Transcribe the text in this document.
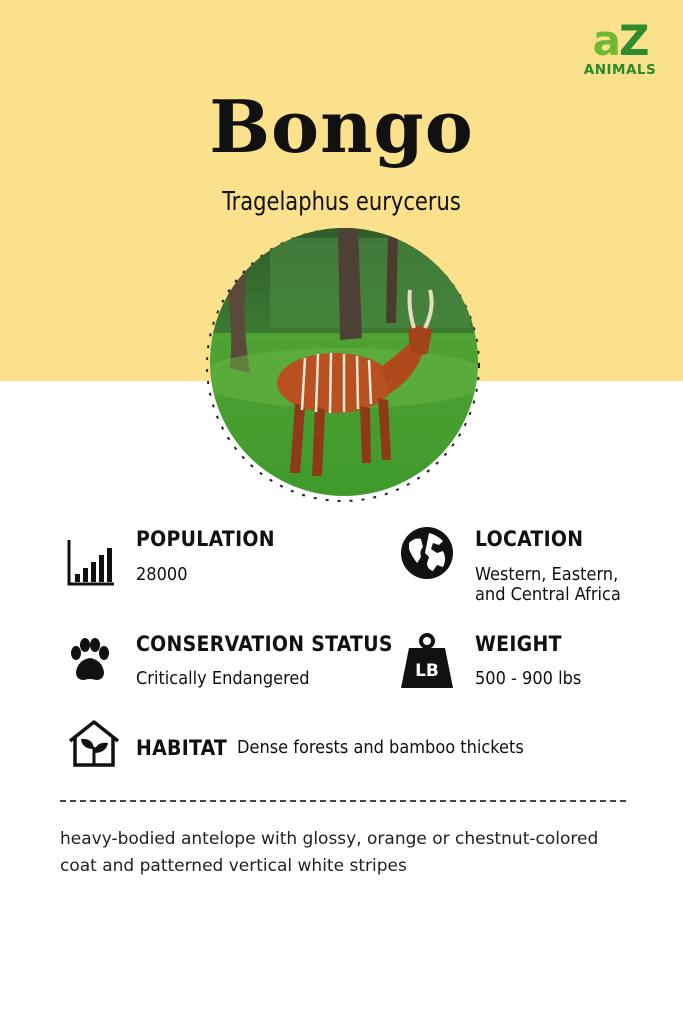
aZ
ANIMALS
Bongo
Tragelaphus eurycerus
POPULATION
28000
LOCATION
Western, Eastern,
and Central Africa
CONSERVATION STATUS
Critically Endangered	LB
WEIGHT
500 - 900 lbs
HABITAT Dense forests and bamboo thickets
heavy-bodied antelope with glossy, orange or chestnut-colored coat and patterned vertical white stripes
